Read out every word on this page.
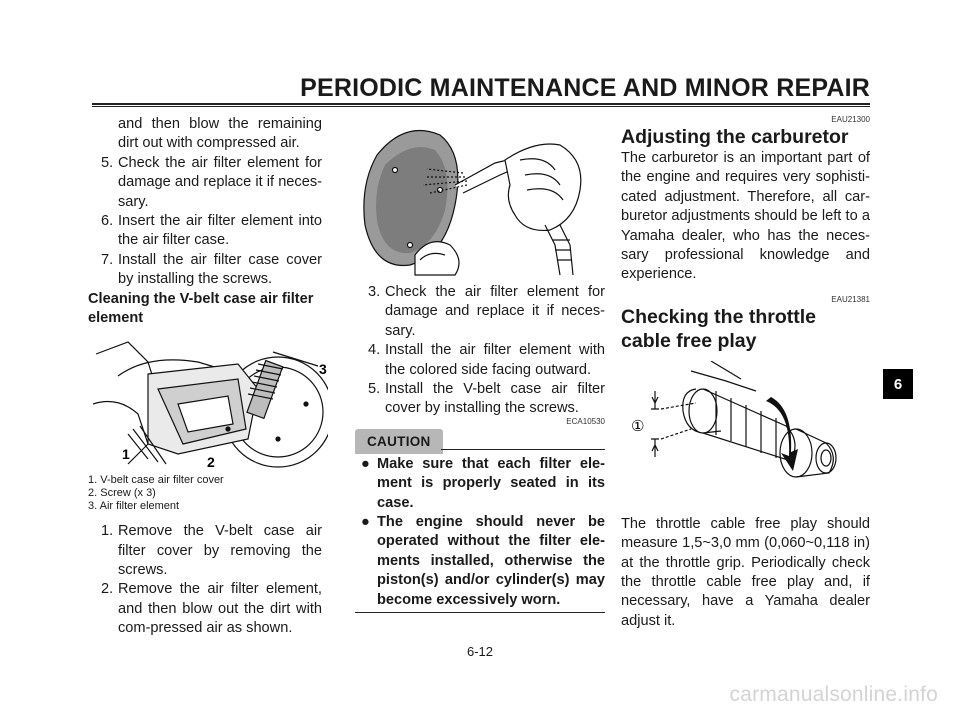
PERIODIC MAINTENANCE AND MINOR REPAIR

and then blow the remaining dirt out with compressed air.

5. Check the air filter element for damage and replace it if neces-sary.
6. Insert the air filter element into the air filter case.
7. Install the air filter case cover by installing the screws.

Cleaning the V-belt case air filter element

3
1	2

1. V-belt case air filter cover

2. Screw (x 3)

3. Air filter element

1. Remove the V-belt case air filter cover by removing the screws.
2. Remove the air filter element, and then blow out the dirt with com-pressed air as shown.
3. Check the air filter element for damage and replace it if neces-sary.
4. Install the air filter element with the colored side facing outward.
5. Install the V-belt case air filter cover by installing the screws.
ECA10530
CAUTION
● Make sure that each filter ele-ment is properly seated in its case.
● The engine should never be operated without the filter ele-ments installed, otherwise the piston(s) and/or cylinder(s) may become excessively worn.
EAU21300
Adjusting the carburetor

The carburetor is an important part of the engine and requires very sophisti-cated adjustment. Therefore, all car-buretor adjustments should be left to a Yamaha dealer, who has the neces-sary professional knowledge and experience.

EAU21381
Checking the throttle cable free play
①

The throttle cable free play should measure 1,5~3,0 mm (0,060~0,118 in) at the throttle grip. Periodically check the throttle cable free play and, if necessary, have a Yamaha dealer adjust it.

6
6-12
carmanualsonline.info
